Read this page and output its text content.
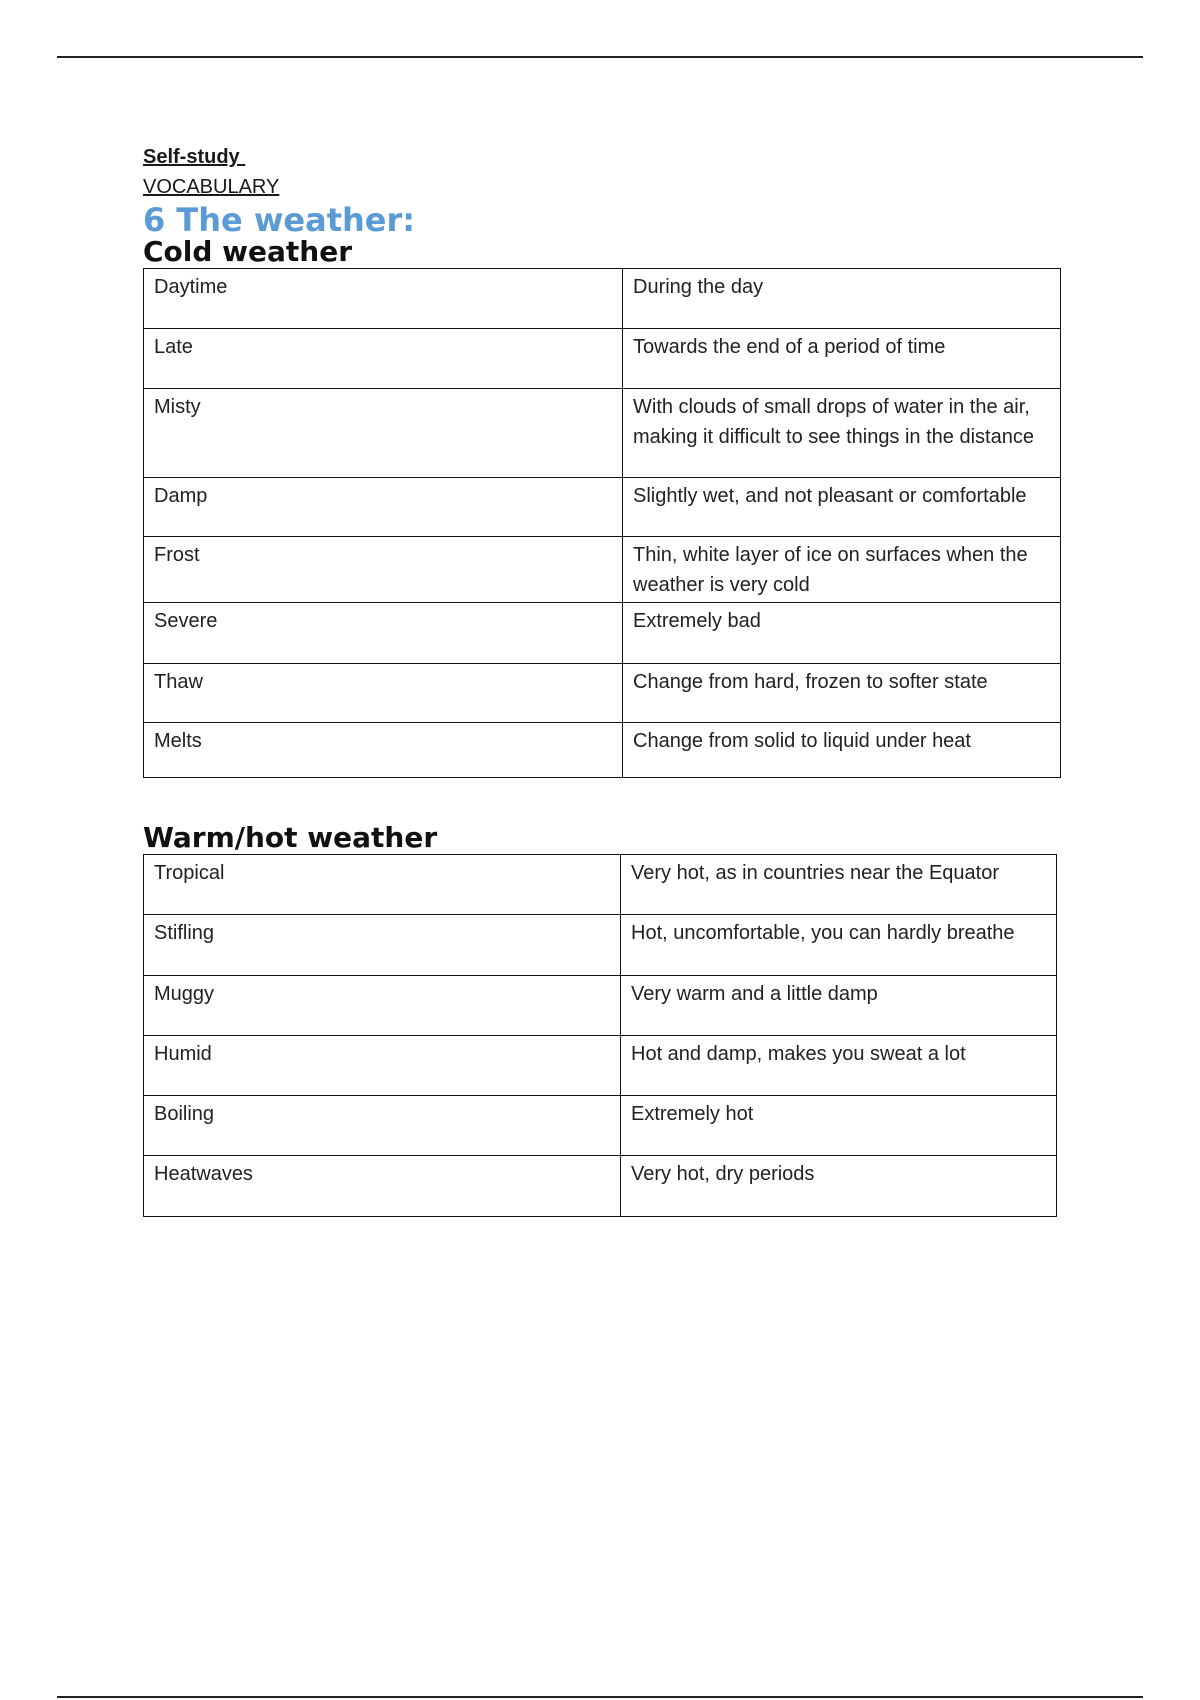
Self-study
VOCABULARY
6 The weather:
Cold weather
Daytime	During the day
Late	Towards the end of a period of time
Misty	With clouds of small drops of water in the air, making it difficult to see things in the distance
Damp	Slightly wet, and not pleasant or comfortable
Frost	Thin, white layer of ice on surfaces when the weather is very cold
Severe	Extremely bad
Thaw	Change from hard, frozen to softer state
Melts	Change from solid to liquid under heat
Warm/hot weather
Tropical	Very hot, as in countries near the Equator
Stifling	Hot, uncomfortable, you can hardly breathe
Muggy	Very warm and a little damp
Humid	Hot and damp, makes you sweat a lot
Boiling	Extremely hot
Heatwaves	Very hot, dry periods
